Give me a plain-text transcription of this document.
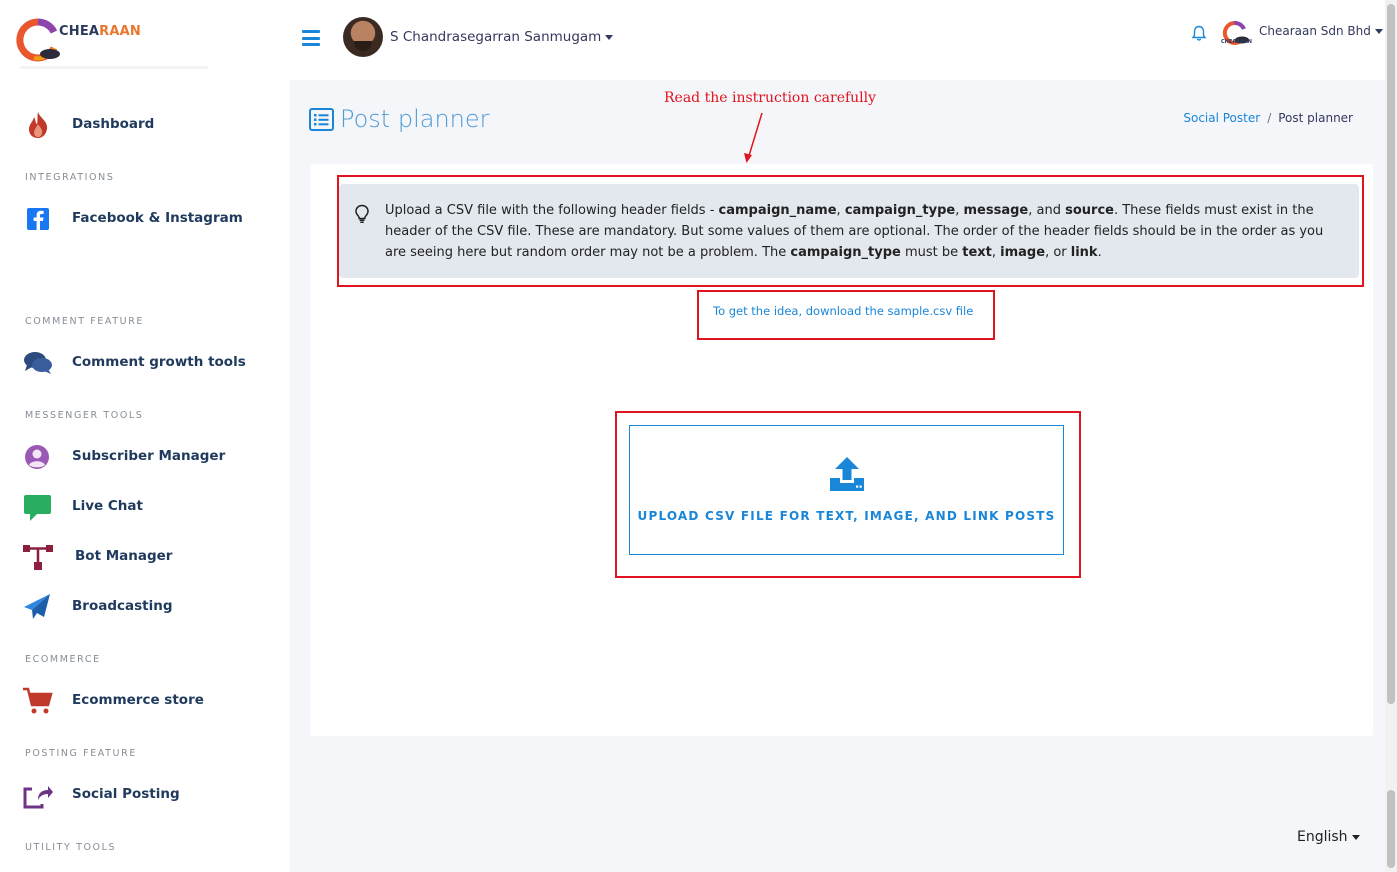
CHEARAAN	S Chandrasegarran Sanmugam	CHEARAAN
Chearaan Sdn Bhd
Dashboard
INTEGRATIONS
Facebook & Instagram
COMMENT FEATURE
Comment growth tools
MESSENGER TOOLS
Subscriber Manager
Live Chat
Bot Manager
Broadcasting
ECOMMERCE
Ecommerce store
POSTING FEATURE
Social Posting
UTILITY TOOLS
Post planner	Social Poster / Post planner
Read the instruction carefully
Upload a CSV file with the following header fields - campaign_name, campaign_type, message, and source. These fields must exist in the header of the CSV file. These are mandatory. But some values of them are optional. The order of the header fields should be in the order as you are seeing here but random order may not be a problem. The campaign_type must be text, image, or link.
To get the idea, download the sample.csv file
UPLOAD CSV FILE FOR TEXT, IMAGE, AND LINK POSTS
English
